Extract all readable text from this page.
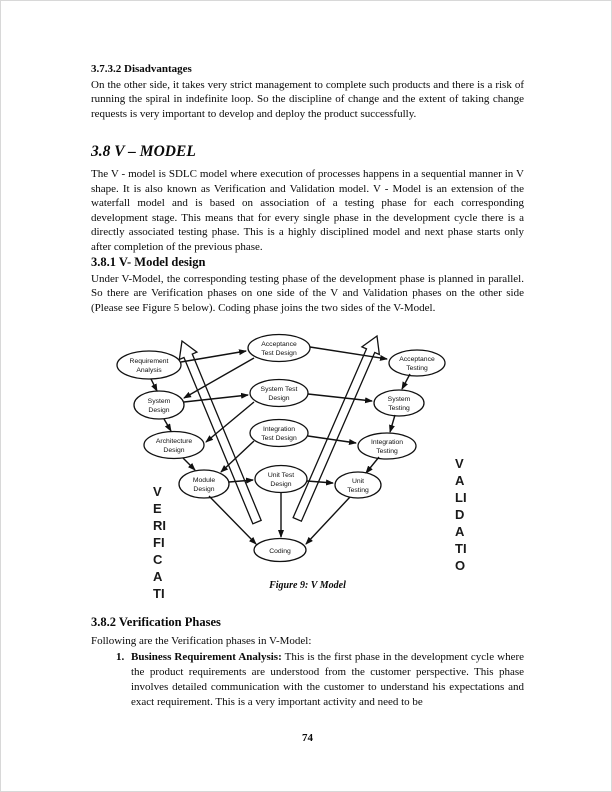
3.7.3.2 Disadvantages
On the other side, it takes very strict management to complete such products and there is a risk of running the spiral in indefinite loop. So the discipline of change and the extent of taking change requests is very important to develop and deploy the product successfully.
3.8 V – MODEL
The V - model is SDLC model where execution of processes happens in a sequential manner in V shape. It is also known as Verification and Validation model. V - Model is an extension of the waterfall model and is based on association of a testing phase for each corresponding development stage. This means that for every single phase in the development cycle there is a directly associated testing phase. This is a highly disciplined model and next phase starts only after completion of the previous phase.
3.8.1 V- Model design
Under V-Model, the corresponding testing phase of the development phase is planned in parallel. So there are Verification phases on one side of the V and Validation phases on the other side (Please see Figure 5 below). Coding phase joins the two sides of the V-Model.
Requirement Analysis
System Design
Architecture Design
Module Design
Acceptance Test Design
System Test Design
Integration Test Design
Unit Test Design
Acceptance Testing
System Testing
Integration Testing
Unit Testing
Coding
V
E
RI
FI
C
A
TI
V
A
LI
D
A
TI
O
Figure 9: V Model
3.8.2 Verification Phases
Following are the Verification phases in V-Model:
1. Business Requirement Analysis: This is the first phase in the development cycle where the product requirements are understood from the customer perspective. This phase involves detailed communication with the customer to understand his expectations and exact requirement. This is a very important activity and need to be
74
